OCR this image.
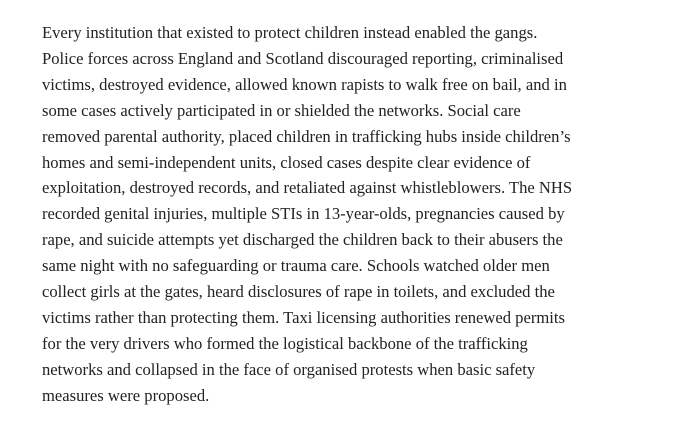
Every institution that existed to protect children instead enabled the gangs.
Police forces across England and Scotland discouraged reporting, criminalised
victims, destroyed evidence, allowed known rapists to walk free on bail, and in
some cases actively participated in or shielded the networks. Social care
removed parental authority, placed children in trafficking hubs inside children’s
homes and semi-independent units, closed cases despite clear evidence of
exploitation, destroyed records, and retaliated against whistleblowers. The NHS
recorded genital injuries, multiple STIs in 13-year-olds, pregnancies caused by
rape, and suicide attempts yet discharged the children back to their abusers the
same night with no safeguarding or trauma care. Schools watched older men
collect girls at the gates, heard disclosures of rape in toilets, and excluded the
victims rather than protecting them. Taxi licensing authorities renewed permits
for the very drivers who formed the logistical backbone of the trafficking
networks and collapsed in the face of organised protests when basic safety
measures were proposed.
